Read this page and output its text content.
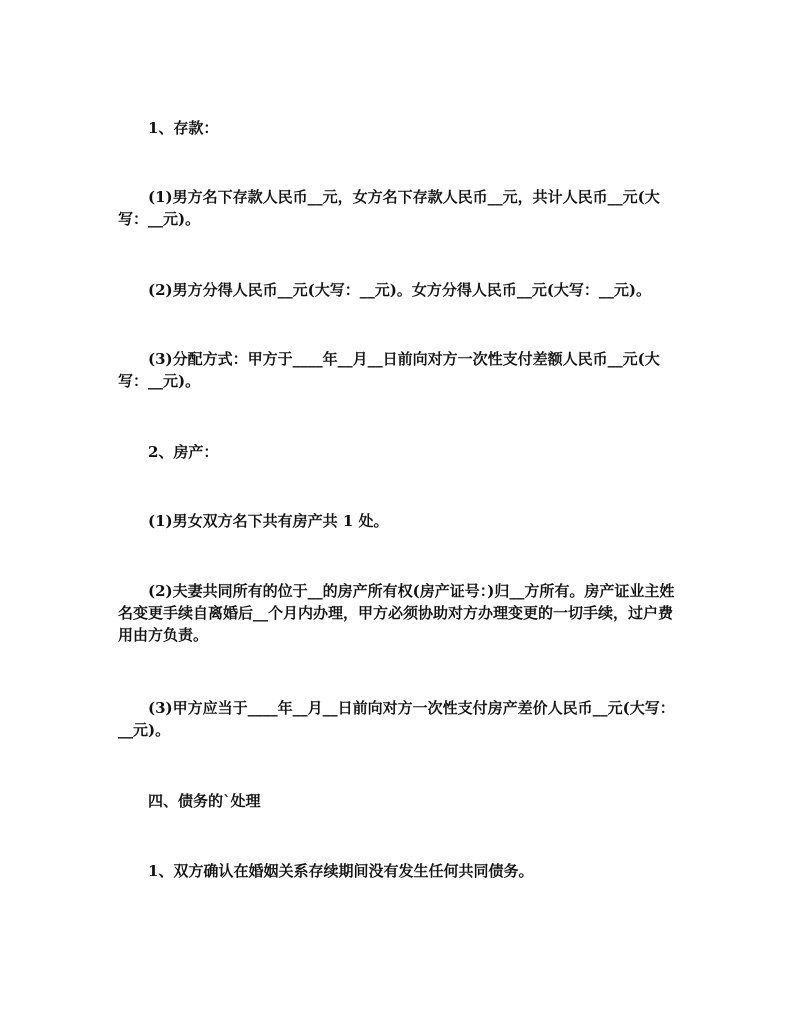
1、存款：
(1)男方名下存款人民币__元，女方名下存款人民币__元，共计人民币__元(大写：__元)。
(2)男方分得人民币__元(大写：__元)。女方分得人民币__元(大写：__元)。
(3)分配方式：甲方于____年__月__日前向对方一次性支付差额人民币__元(大写：__元)。
2、房产：
(1)男女双方名下共有房产共 1 处。
(2)夫妻共同所有的位于__的房产所有权(房产证号：)归__方所有。房产证业主姓名变更手续自离婚后__个月内办理，甲方必须协助对方办理变更的一切手续，过户费用由方负责。
(3)甲方应当于____年__月__日前向对方一次性支付房产差价人民币__元(大写：__元)。
四、债务的`处理
1、双方确认在婚姻关系存续期间没有发生任何共同债务。
